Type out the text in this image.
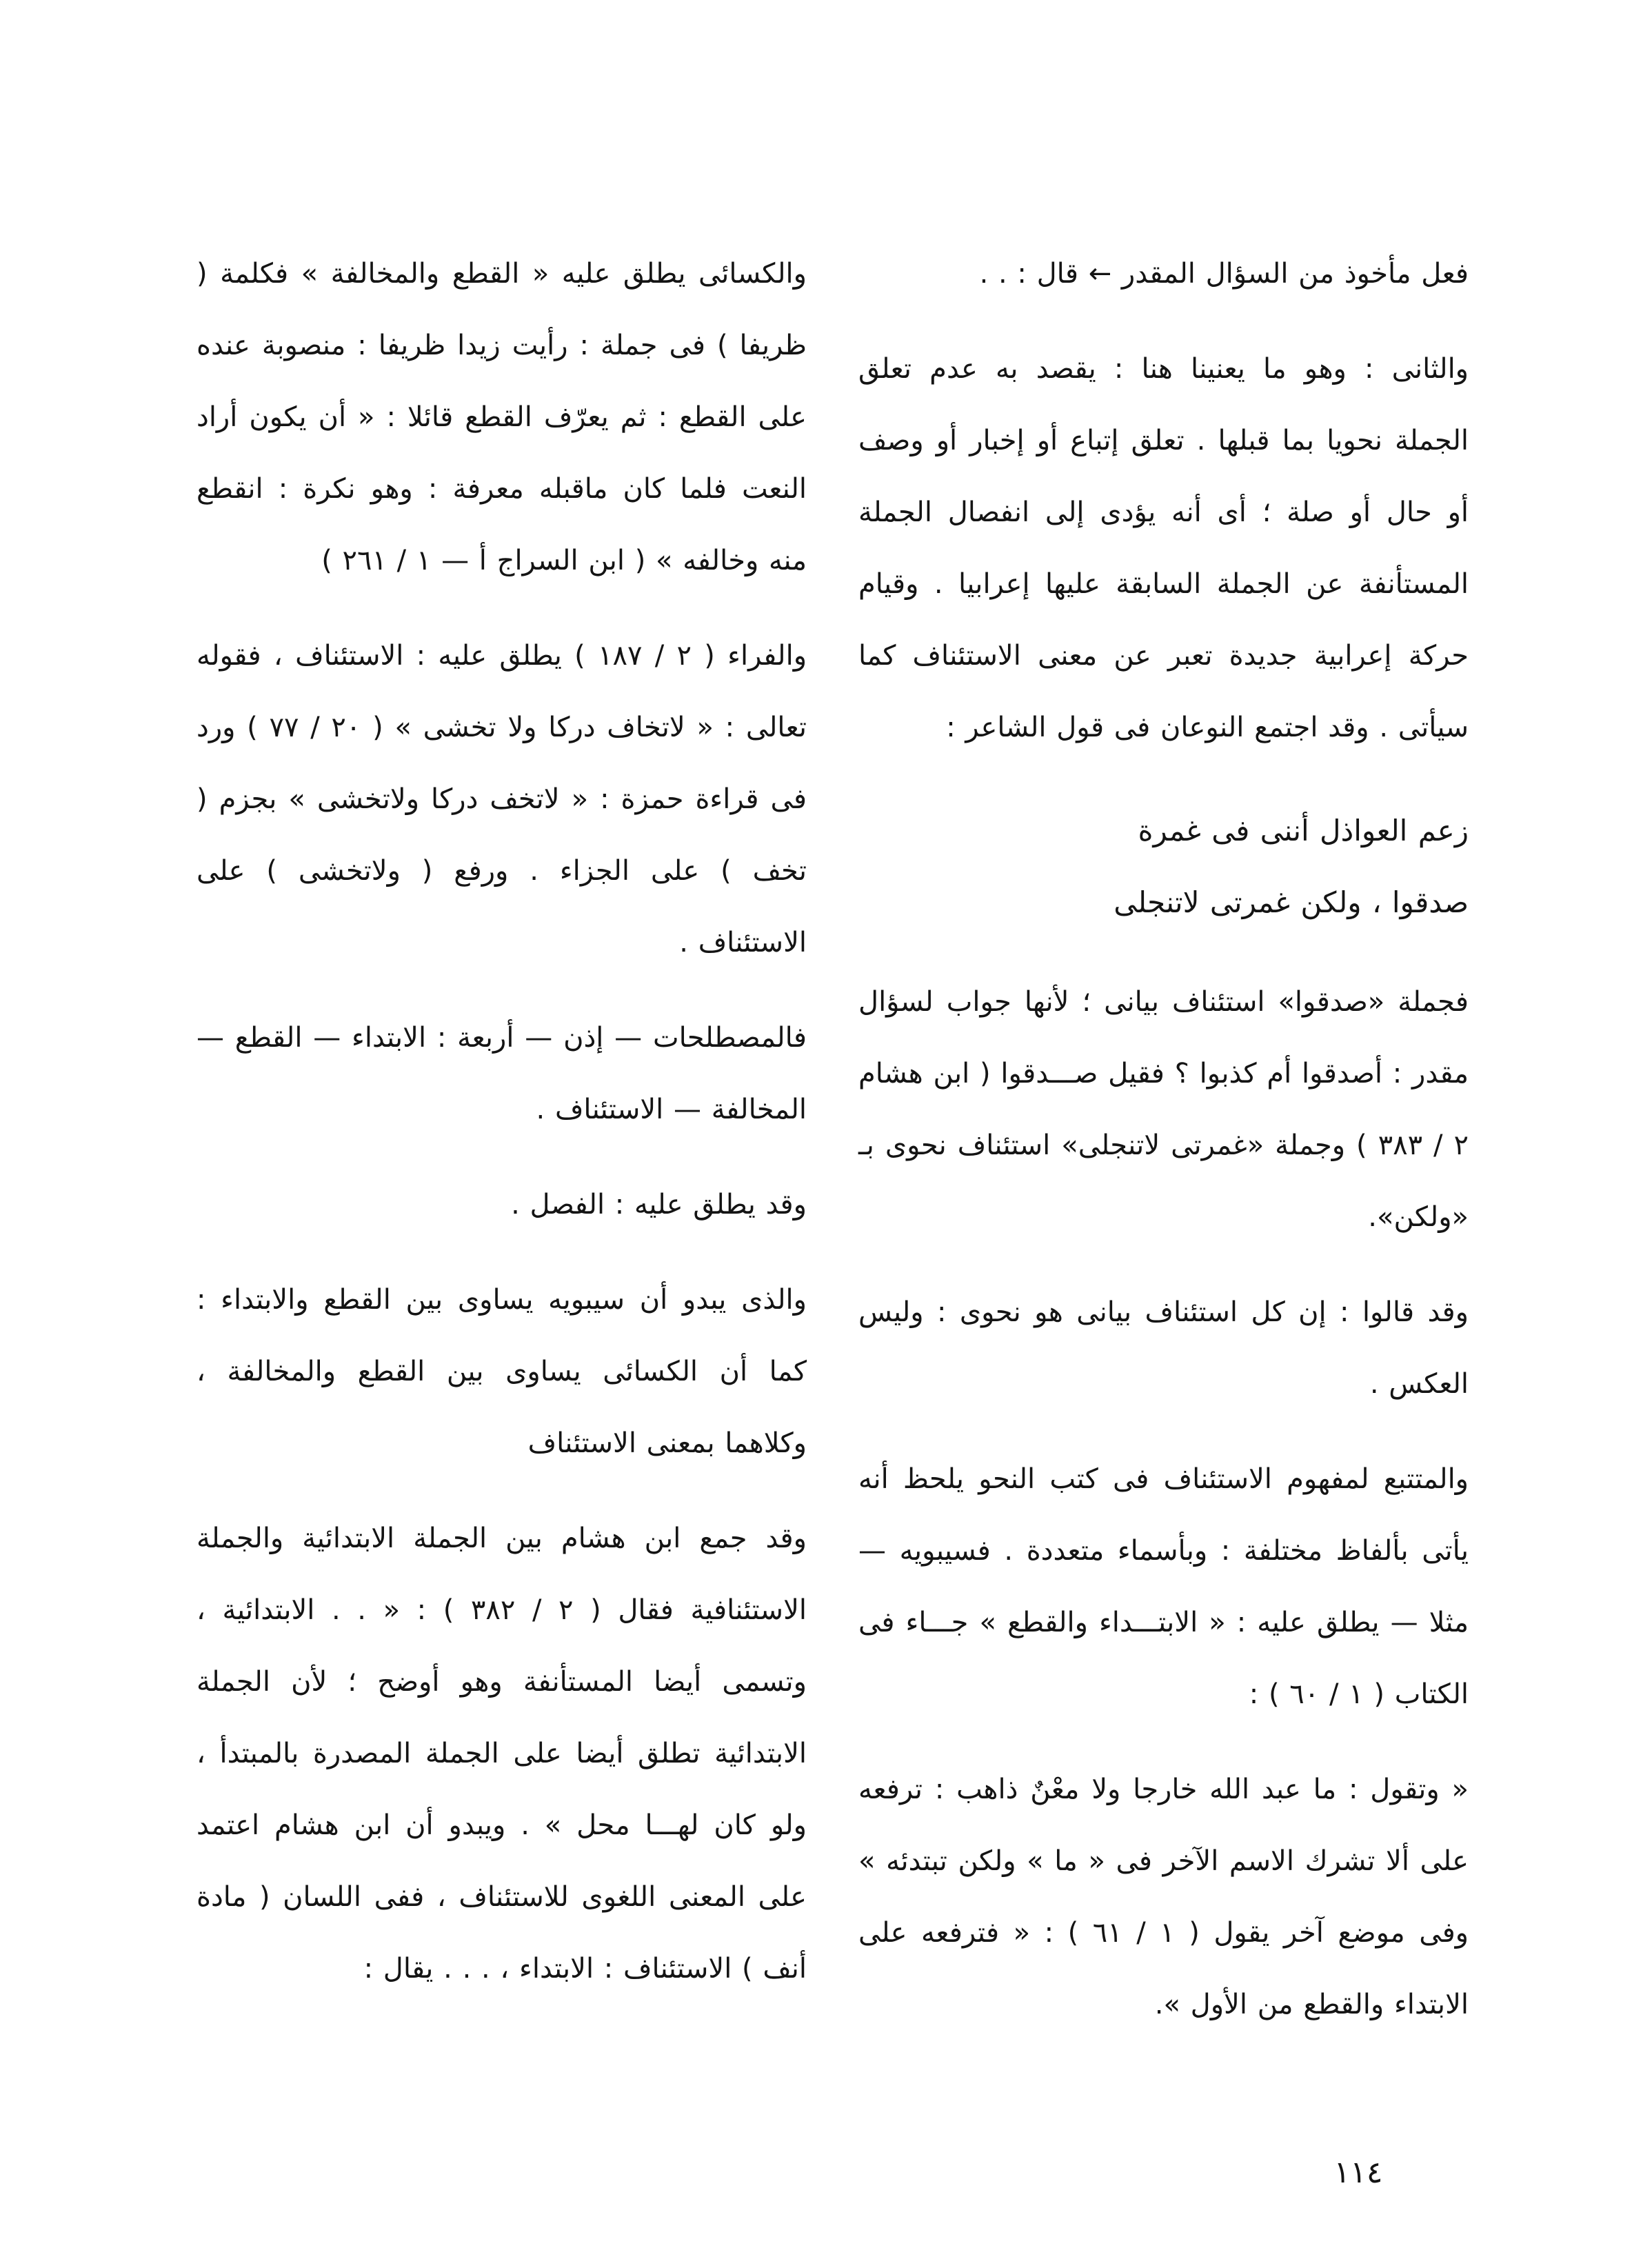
فعل مأخوذ من السؤال المقدر ← قال : . .

والثانى : وهو ما يعنينا هنا : يقصد به عدم تعلق الجملة نحويا بما قبلها . تعلق إتباع أو إخبار أو وصف أو حال أو صلة ؛ أى أنه يؤدى إلى انفصال الجملة المستأنفة عن الجملة السابقة عليها إعرابيا . وقيام حركة إعرابية جديدة تعبر عن معنى الاستئناف كما سيأتى . وقد اجتمع النوعان فى قول الشاعر :

زعم العواذل أننى فى غمرة

صدقوا ، ولكن غمرتى لاتنجلى

فجملة «صدقوا» استئناف بيانى ؛ لأنها جواب لسؤال مقدر : أصدقوا أم كذبوا ؟ فقيل صـــدقوا ( ابن هشام ٢ / ٣٨٣ ) وجملة «غمرتى لاتنجلى» استئناف نحوى بـ «ولكن».

وقد قالوا : إن كل استئناف بيانى هو نحوى : وليس العكس .

والمتتبع لمفهوم الاستئناف فى كتب النحو يلحظ أنه يأتى بألفاظ مختلفة : وبأسماء متعددة . فسيبويه — مثلا — يطلق عليه : « الابتـــداء والقطع » جـــاء فى الكتاب ( ١ / ٦٠ ) :

« وتقول : ما عبد الله خارجا ولا معْنٌ ذاهب : ترفعه على ألا تشرك الاسم الآخر فى « ما » ولكن تبتدئه » وفى موضع آخر يقول ( ١ / ٦١ ) : « فترفعه على الابتداء والقطع من الأول ».

والكسائى يطلق عليه « القطع والمخالفة » فكلمة ( ظريفا ) فى جملة : رأيت زيدا ظريفا : منصوبة عنده على القطع : ثم يعرّف القطع قائلا : « أن يكون أراد النعت فلما كان ماقبله معرفة : وهو نكرة : انقطع منه وخالفه » ( ابن السراج أ — ١ / ٢٦١ )

والفراء ( ٢ / ١٨٧ ) يطلق عليه : الاستئناف ، فقوله تعالى : « لاتخاف دركا ولا تخشى » ( ٢٠ / ٧٧ ) ورد فى قراءة حمزة : « لاتخف دركا ولاتخشى » بجزم ( تخف ) على الجزاء . ورفع ( ولاتخشى ) على الاستئناف .

فالمصطلحات — إذن — أربعة : الابتداء — القطع — المخالفة — الاستئناف .

وقد يطلق عليه : الفصل .

والذى يبدو أن سيبويه يساوى بين القطع والابتداء : كما أن الكسائى يساوى بين القطع والمخالفة ، وكلاهما بمعنى الاستئناف

وقد جمع ابن هشام بين الجملة الابتدائية والجملة الاستئنافية فقال ( ٢ / ٣٨٢ ) : « . . الابتدائية ، وتسمى أيضا المستأنفة وهو أوضح ؛ لأن الجملة الابتدائية تطلق أيضا على الجملة المصدرة بالمبتدأ ، ولو كان لهـــا محل » . ويبدو أن ابن هشام اعتمد على المعنى اللغوى للاستئناف ، ففى اللسان ( مادة أنف ) الاستئناف : الابتداء ، . . . يقال :

١١٤
